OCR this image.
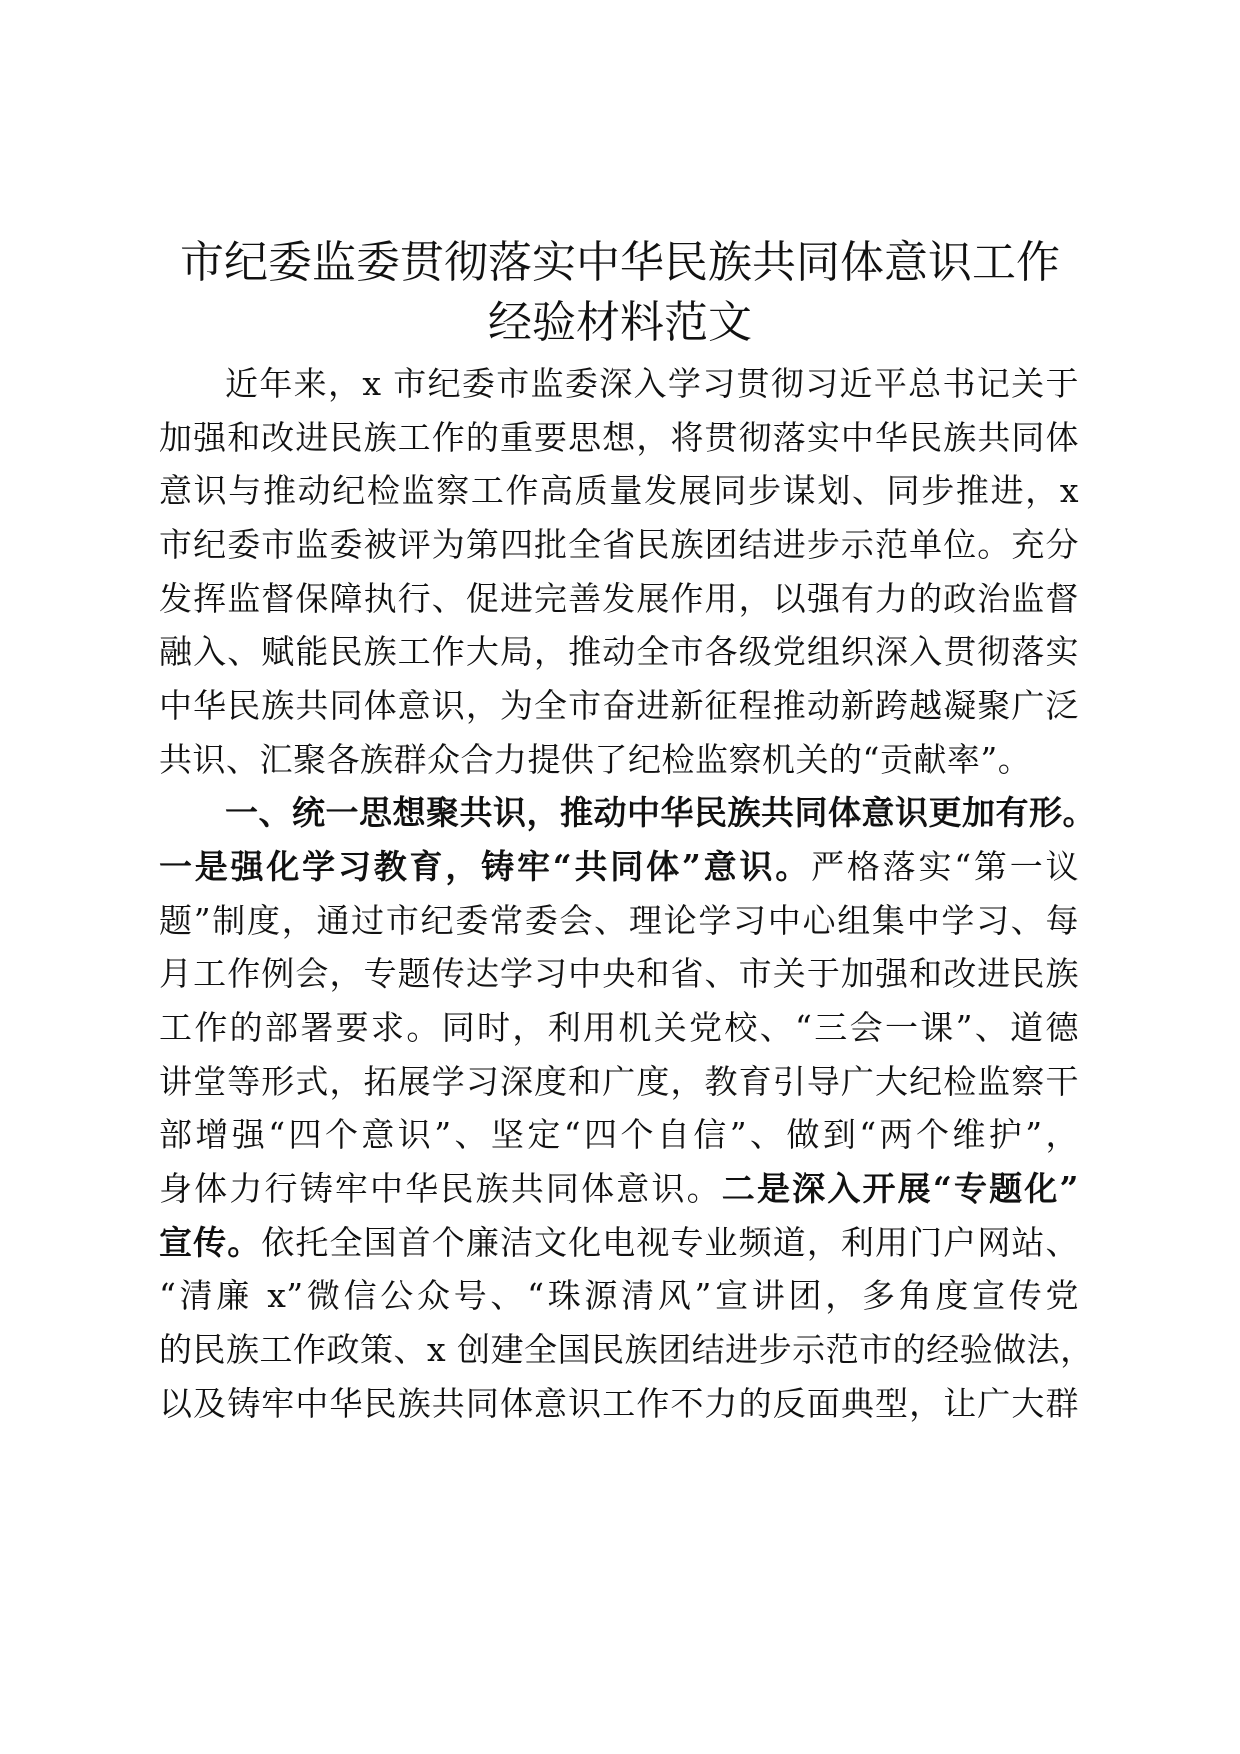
市纪委监委贯彻落实中华民族共同体意识工作
经验材料范文
近年来，x 市纪委市监委深入学习贯彻习近平总书记关于
加强和改进民族工作的重要思想，将贯彻落实中华民族共同体
意识与推动纪检监察工作高质量发展同步谋划、同步推进，x
市纪委市监委被评为第四批全省民族团结进步示范单位。充分
发挥监督保障执行、促进完善发展作用，以强有力的政治监督
融入、赋能民族工作大局，推动全市各级党组织深入贯彻落实
中华民族共同体意识，为全市奋进新征程推动新跨越凝聚广泛
共识、汇聚各族群众合力提供了纪检监察机关的“贡献率”。
一、统一思想聚共识，推动中华民族共同体意识更加有形。
一是强化学习教育，铸牢“共同体”意识。严格落实“第一议
题”制度，通过市纪委常委会、理论学习中心组集中学习、每
月工作例会，专题传达学习中央和省、市关于加强和改进民族
工作的部署要求。同时，利用机关党校、“三会一课”、道德
讲堂等形式，拓展学习深度和广度，教育引导广大纪检监察干
部增强“四个意识”、坚定“四个自信”、做到“两个维护”，
身体力行铸牢中华民族共同体意识。二是深入开展“专题化”
宣传。依托全国首个廉洁文化电视专业频道，利用门户网站、
“清廉 x”微信公众号、“珠源清风”宣讲团，多角度宣传党
的民族工作政策、x 创建全国民族团结进步示范市的经验做法，
以及铸牢中华民族共同体意识工作不力的反面典型，让广大群
